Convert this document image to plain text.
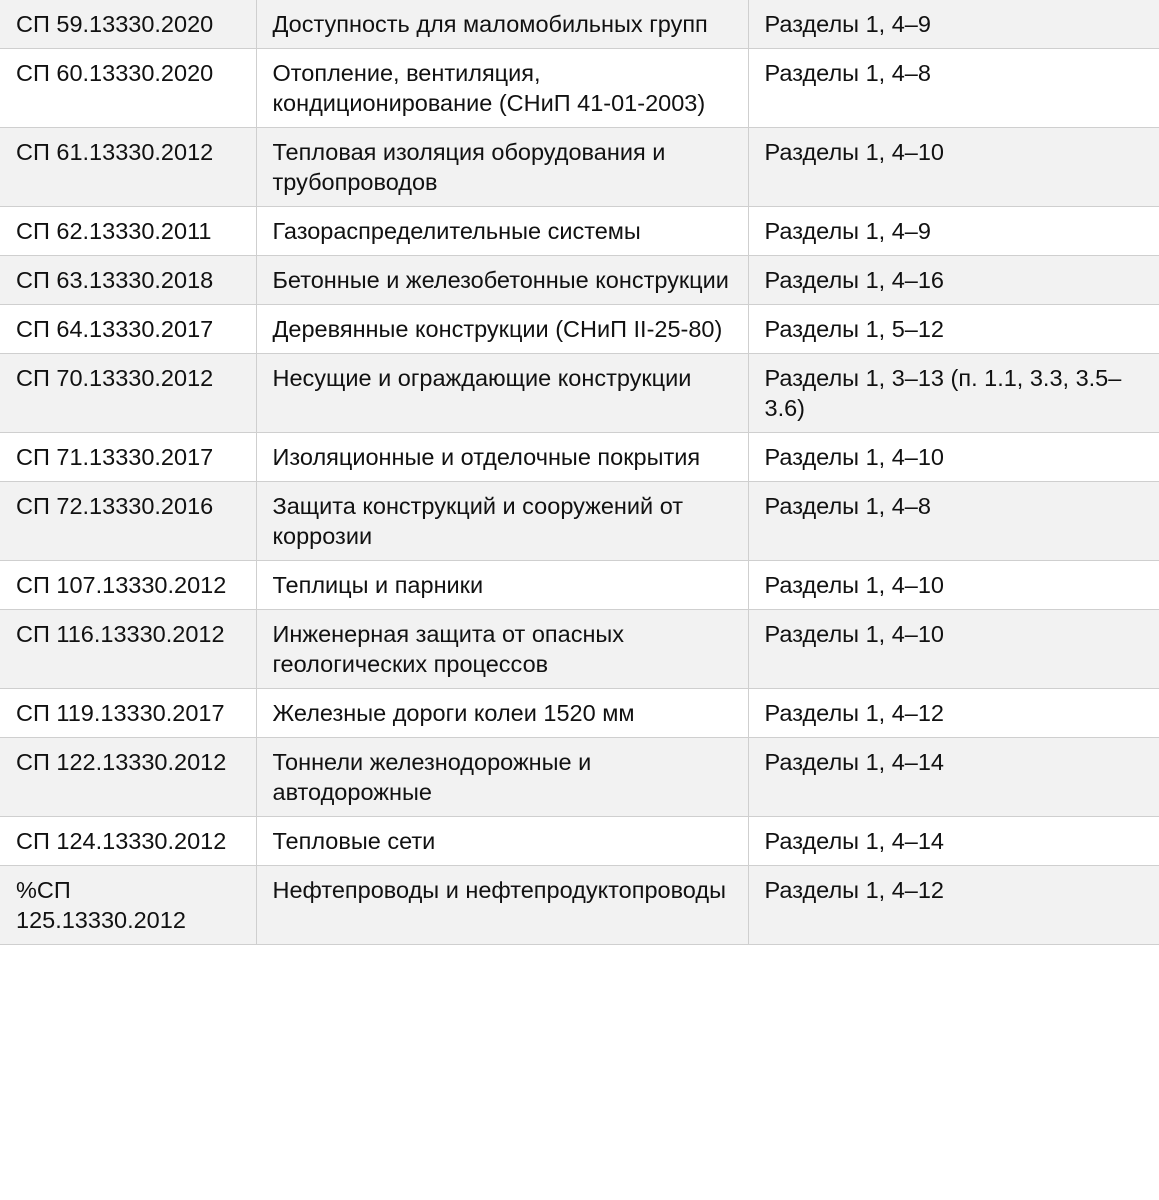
СП 59.13330.2020	Доступность для маломобильных групп	Разделы 1, 4–9
СП 60.13330.2020	Отопление, вентиляция, кондиционирование (СНиП 41-01-2003)	Разделы 1, 4–8
СП 61.13330.2012	Тепловая изоляция оборудования и трубопроводов	Разделы 1, 4–10
СП 62.13330.2011	Газораспределительные системы	Разделы 1, 4–9
СП 63.13330.2018	Бетонные и железобетонные конструкции	Разделы 1, 4–16
СП 64.13330.2017	Деревянные конструкции (СНиП II-25-80)	Разделы 1, 5–12
СП 70.13330.2012	Несущие и ограждающие конструкции	Разделы 1, 3–13 (п. 1.1, 3.3, 3.5–3.6)
СП 71.13330.2017	Изоляционные и отделочные покрытия	Разделы 1, 4–10
СП 72.13330.2016	Защита конструкций и сооружений от коррозии	Разделы 1, 4–8
СП 107.13330.2012	Теплицы и парники	Разделы 1, 4–10
СП 116.13330.2012	Инженерная защита от опасных геологических процессов	Разделы 1, 4–10
СП 119.13330.2017	Железные дороги колеи 1520 мм	Разделы 1, 4–12
СП 122.13330.2012	Тоннели железнодорожные и автодорожные	Разделы 1, 4–14
СП 124.13330.2012	Тепловые сети	Разделы 1, 4–14
%СП 125.13330.2012	Нефтепроводы и нефтепродуктопроводы	Разделы 1, 4–12
